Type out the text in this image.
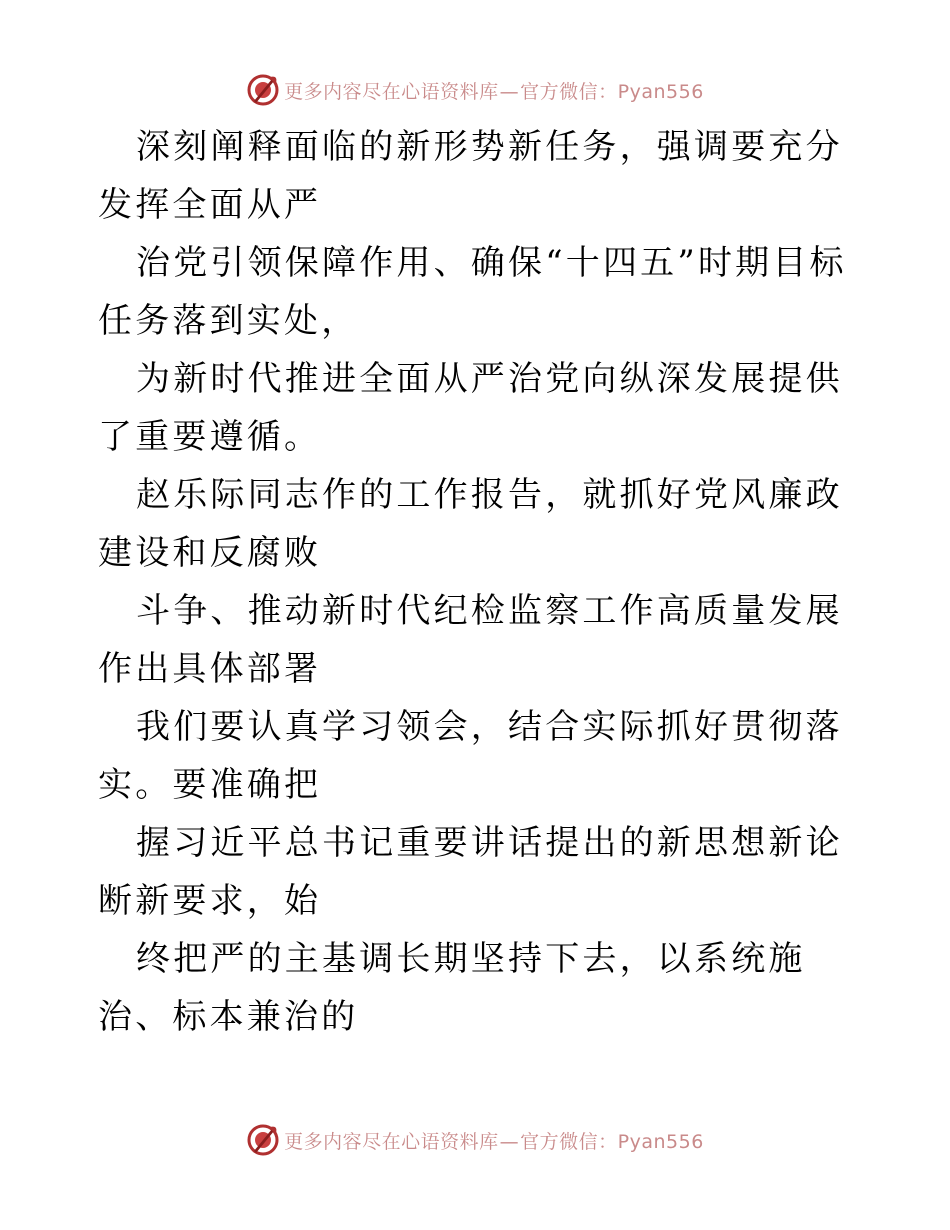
更多内容尽在心语资料库—官方微信：Pyan556

深刻阐释面临的新形势新任务，强调要充分发挥全面从严

治党引领保障作用、确保“十四五”时期目标任务落到实处，

为新时代推进全面从严治党向纵深发展提供了重要遵循。

赵乐际同志作的工作报告，就抓好党风廉政建设和反腐败

斗争、推动新时代纪检监察工作高质量发展作出具体部署

我们要认真学习领会，结合实际抓好贯彻落实。要准确把

握习近平总书记重要讲话提出的新思想新论断新要求，始

终把严的主基调长期坚持下去，以系统施治、标本兼治的

更多内容尽在心语资料库—官方微信：Pyan556
